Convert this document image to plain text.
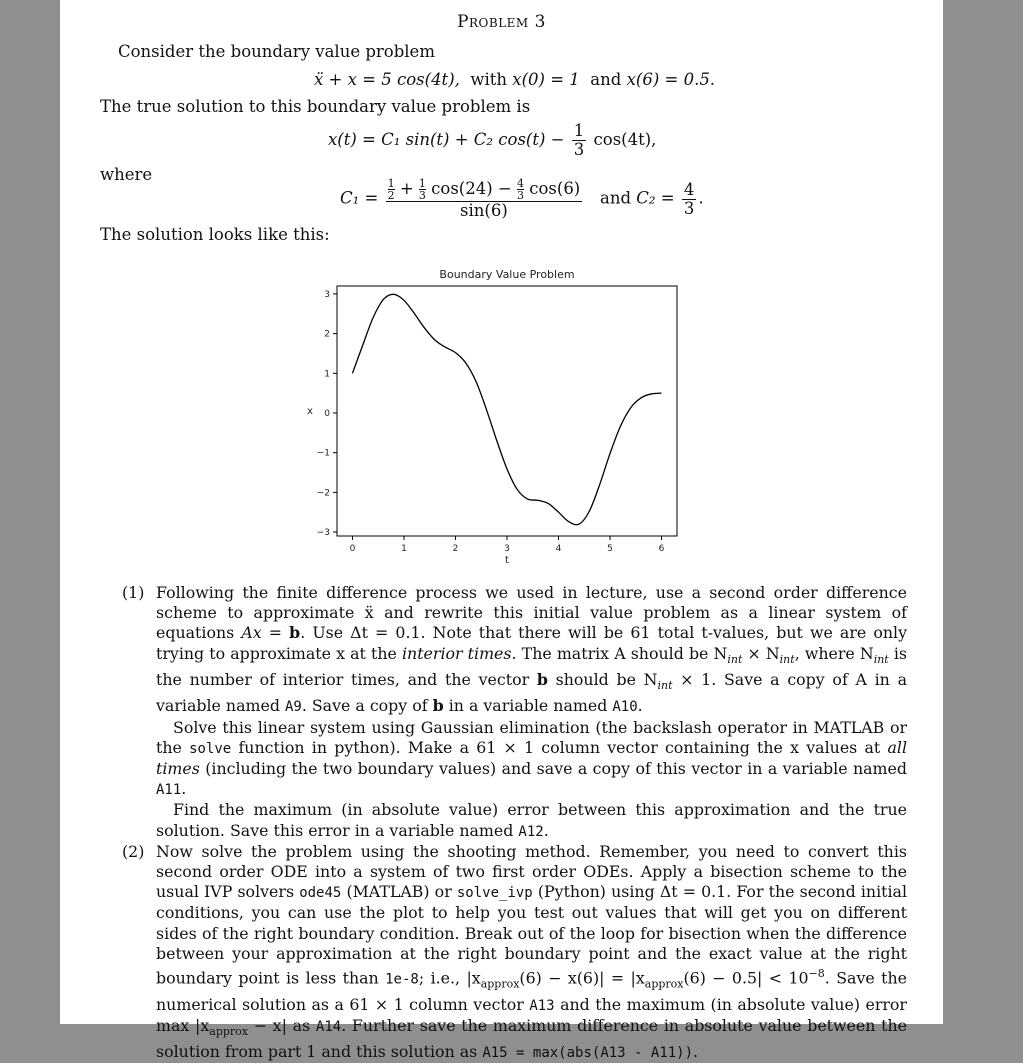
Problem 3
Consider the boundary value problem
ẍ + x = 5 cos(4t), with x(0) = 1 and x(6) = 0.5.
The true solution to this boundary value problem is
x(t) = C₁ sin(t) + C₂ $\cos(t) - \frac{1}{3} \cos(4t)$,
where
$C_1 = \frac{1}{2} + \frac{1}{3} \cos(24) - \frac{4}{3} \cos(6)$
sin(6)
and $C_2 = \frac{4}{3}$ .
The solution looks like this:
Boundary Value Problem
0	1	2	3	4	5	6
3
2
1
0
−1
−2
−3
t
x
(1) Following the finite difference process we used in lecture, use a second order difference scheme to approximate ẍ and rewrite this initial value problem as a linear system of equations Ax = b. Use Δt = 0.1. Note that there will be 61 total t-values, but we are only trying to approximate x at the interior times. The matrix A should be $N_{int} \times N_{int}$, where $N_{int}$ is the number of interior times, and the vector b should be $N_{int} \times 1$. Save a copy of A in a variable named A9. Save a copy of b in a variable named A10.
Solve this linear system using Gaussian elimination (the backslash operator in MATLAB or the solve function in python). Make a 61 × 1 column vector containing the x values at all times (including the two boundary values) and save a copy of this vector in a variable named A11.
Find the maximum (in absolute value) error between this approximation and the true solution. Save this error in a variable named A12.
(2) Now solve the problem using the shooting method. Remember, you need to convert this second order ODE into a system of two first order ODEs. Apply a bisection scheme to the usual IVP solvers ode45 (MATLAB) or solve_ivp (Python) using Δt = 0.1. For the second initial conditions, you can use the plot to help you test out values that will get you on different sides of the right boundary condition. Break out of the loop for bisection when the difference between your approximation at the right boundary point and the exact value at the right boundary point is less than 1e-8; i.e., $|x_{approx}(6) - x(6)| = |x_{approx}(6) - 0.5| < 10^{-8}$. Save the numerical solution as a 61 × 1 column vector A13 and the maximum (in absolute value) error $\max |x_{approx} - x|$ as A14. Further save the maximum difference in absolute value between the solution from part 1 and this solution as A15 = max(abs(A13 - A11)).
